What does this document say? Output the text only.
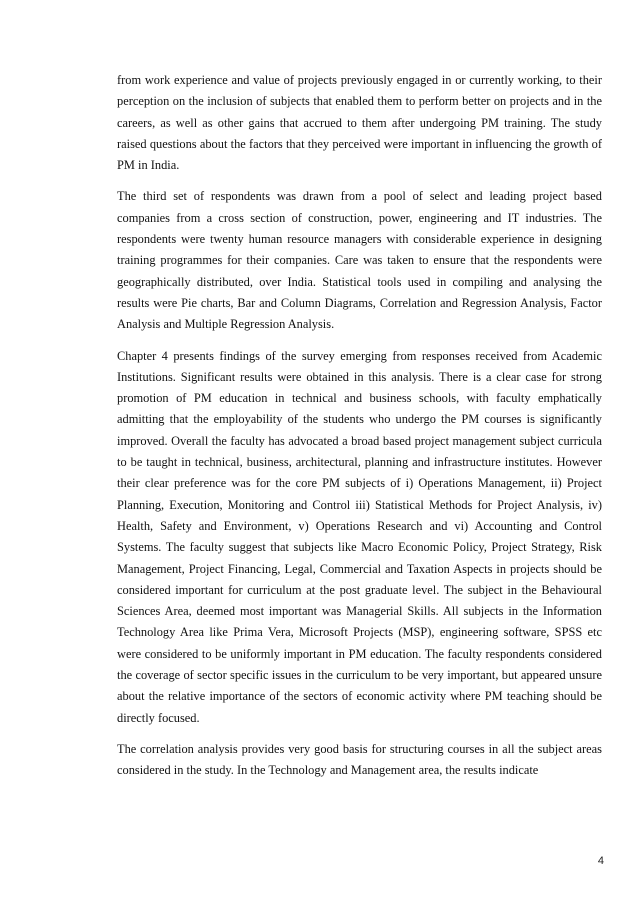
from work experience and value of projects previously engaged in or currently working, to their perception on the inclusion of subjects that enabled them to perform better on projects and in the careers, as well as other gains that accrued to them after undergoing PM training. The study raised questions about the factors that they perceived were important in influencing the growth of PM in India.

The third set of respondents was drawn from a pool of select and leading project based companies from a cross section of construction, power, engineering and IT industries. The respondents were twenty human resource managers with considerable experience in designing training programmes for their companies. Care was taken to ensure that the respondents were geographically distributed, over India. Statistical tools used in compiling and analysing the results were Pie charts, Bar and Column Diagrams, Correlation and Regression Analysis, Factor Analysis and Multiple Regression Analysis.

Chapter 4 presents findings of the survey emerging from responses received from Academic Institutions. Significant results were obtained in this analysis. There is a clear case for strong promotion of PM education in technical and business schools, with faculty emphatically admitting that the employability of the students who undergo the PM courses is significantly improved. Overall the faculty has advocated a broad based project management subject curricula to be taught in technical, business, architectural, planning and infrastructure institutes. However their clear preference was for the core PM subjects of i) Operations Management, ii) Project Planning, Execution, Monitoring and Control iii) Statistical Methods for Project Analysis, iv) Health, Safety and Environment, v) Operations Research and vi) Accounting and Control Systems. The faculty suggest that subjects like Macro Economic Policy, Project Strategy, Risk Management, Project Financing, Legal, Commercial and Taxation Aspects in projects should be considered important for curriculum at the post graduate level. The subject in the Behavioural Sciences Area, deemed most important was Managerial Skills. All subjects in the Information Technology Area like Prima Vera, Microsoft Projects (MSP), engineering software, SPSS etc were considered to be uniformly important in PM education. The faculty respondents considered the coverage of sector specific issues in the curriculum to be very important, but appeared unsure about the relative importance of the sectors of economic activity where PM teaching should be directly focused.

The correlation analysis provides very good basis for structuring courses in all the subject areas considered in the study. In the Technology and Management area, the results indicate

4
